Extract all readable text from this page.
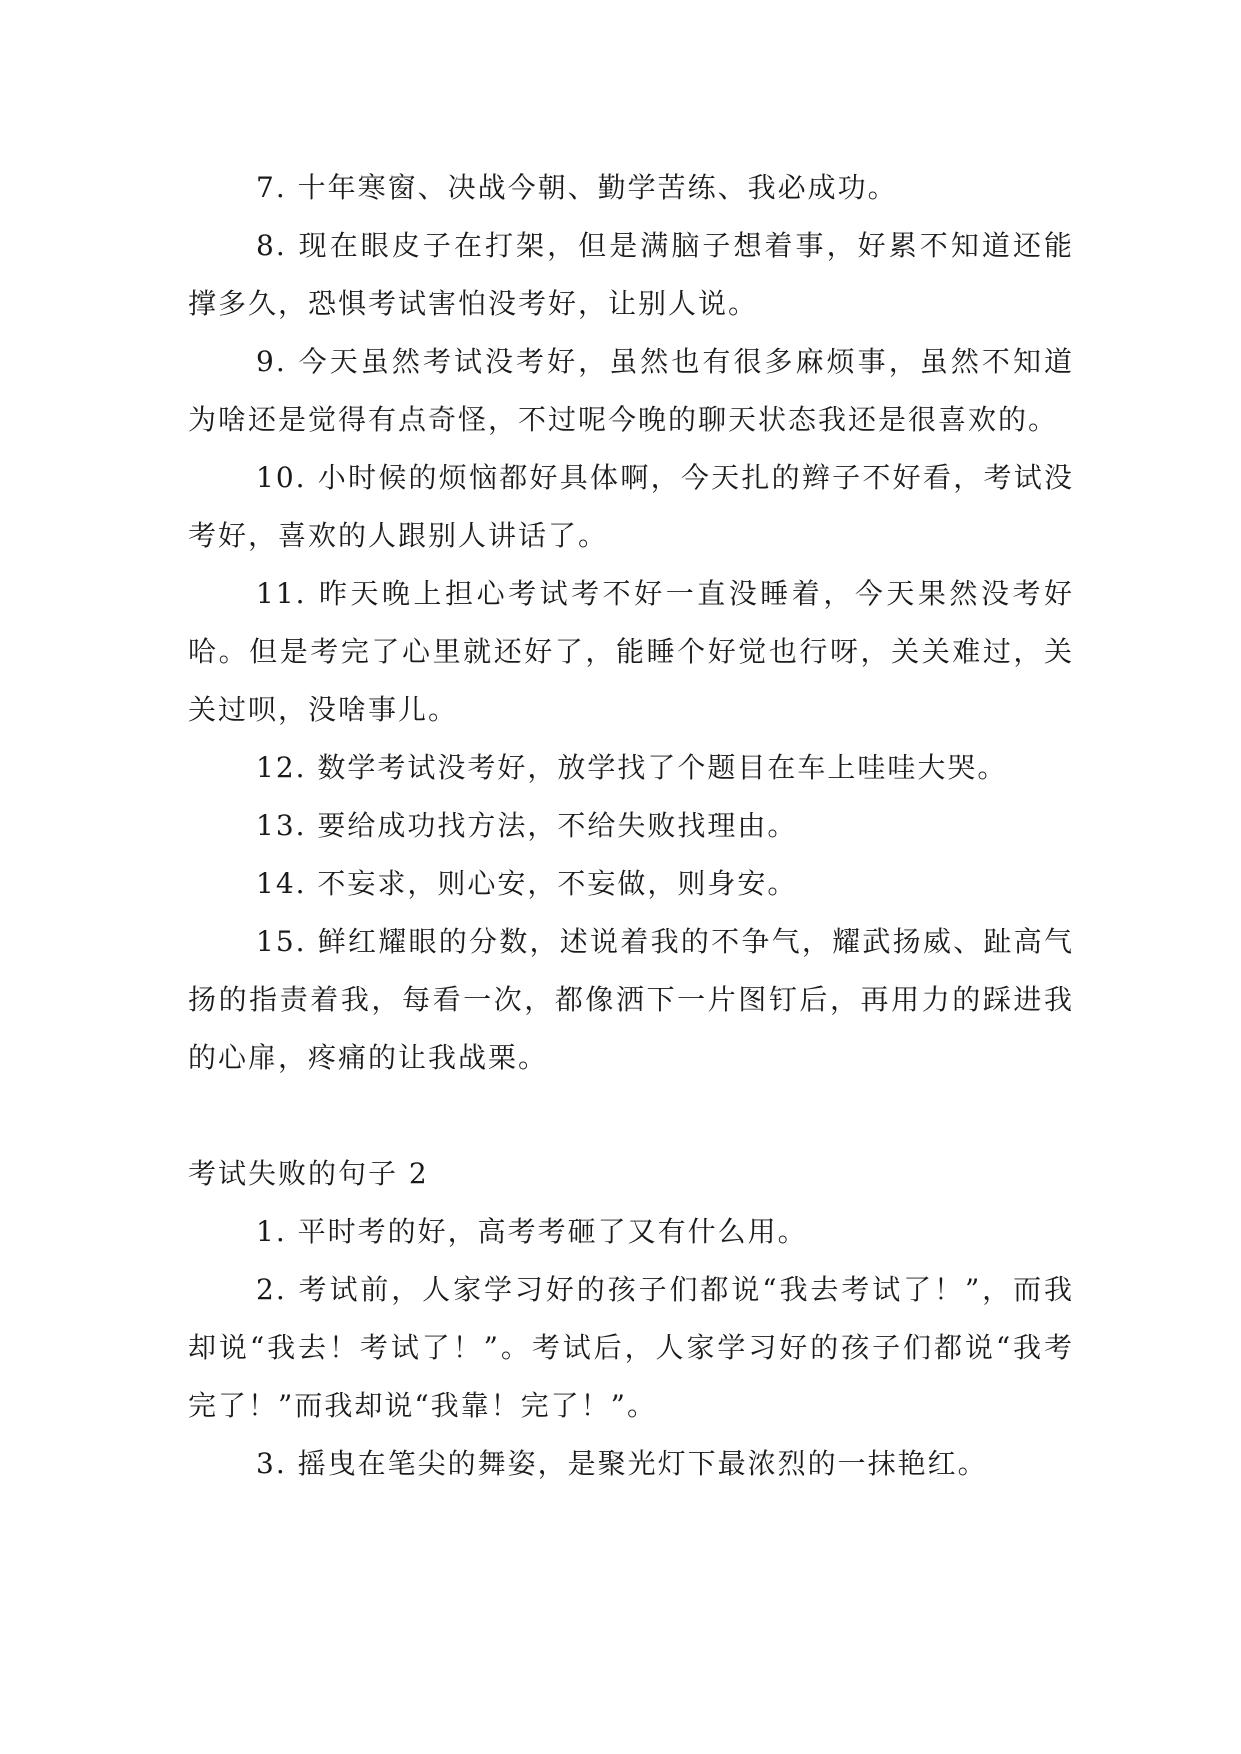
7. 十年寒窗、决战今朝、勤学苦练、我必成功。

8. 现在眼皮子在打架，但是满脑子想着事，好累不知道还能撑多久，恐惧考试害怕没考好，让别人说。

9. 今天虽然考试没考好，虽然也有很多麻烦事，虽然不知道为啥还是觉得有点奇怪，不过呢今晚的聊天状态我还是很喜欢的。

10. 小时候的烦恼都好具体啊，今天扎的辫子不好看，考试没考好，喜欢的人跟别人讲话了。

11. 昨天晚上担心考试考不好一直没睡着，今天果然没考好哈。但是考完了心里就还好了，能睡个好觉也行呀，关关难过，关关过呗，没啥事儿。

12. 数学考试没考好，放学找了个题目在车上哇哇大哭。

13. 要给成功找方法，不给失败找理由。

14. 不妄求，则心安，不妄做，则身安。

15. 鲜红耀眼的分数，述说着我的不争气，耀武扬威、趾高气扬的指责着我，每看一次，都像洒下一片图钉后，再用力的踩进我的心扉，疼痛的让我战栗。

考试失败的句子 2

1. 平时考的好，高考考砸了又有什么用。

2. 考试前，人家学习好的孩子们都说“我去考试了！”，而我却说“我去！考试了！”。考试后，人家学习好的孩子们都说“我考完了！”而我却说“我靠！完了！”。

3. 摇曳在笔尖的舞姿，是聚光灯下最浓烈的一抹艳红。
